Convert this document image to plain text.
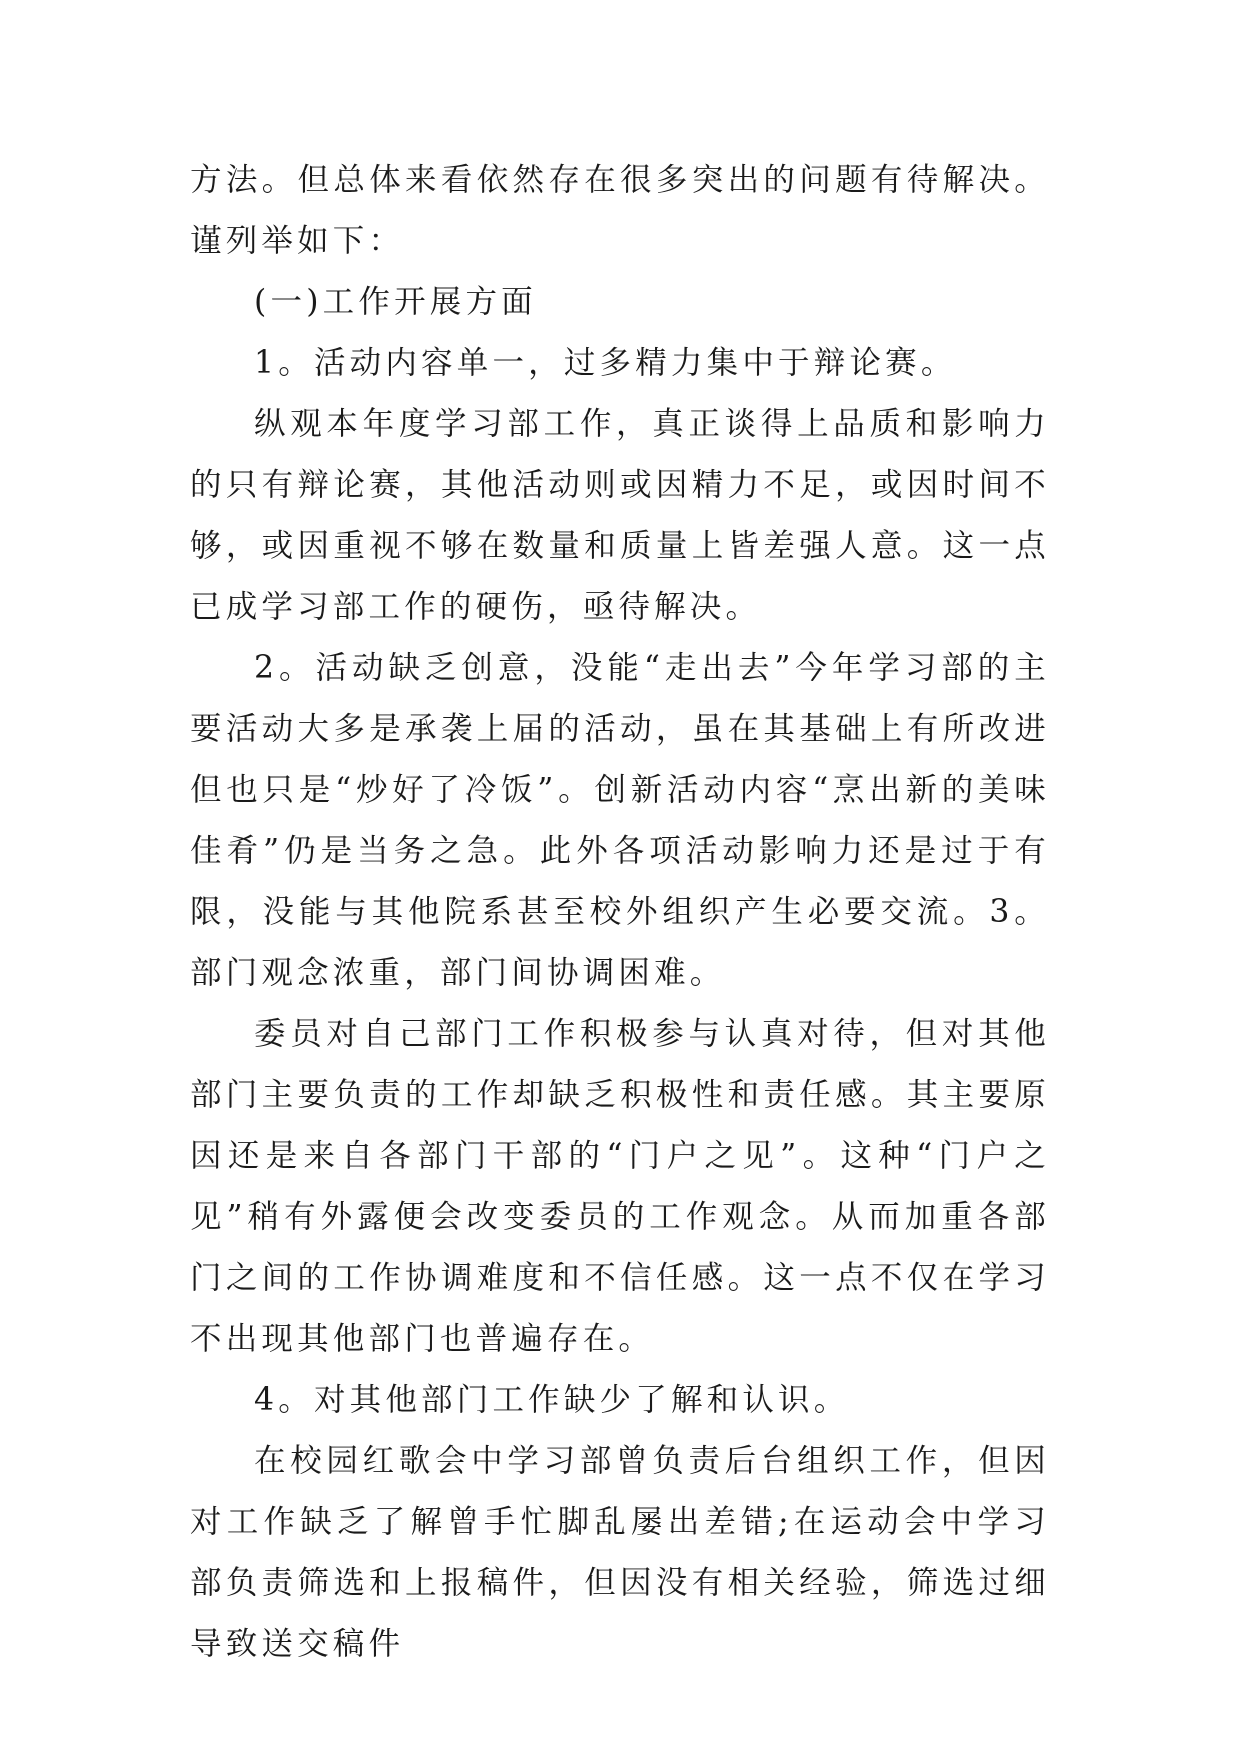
方法。但总体来看依然存在很多突出的问题有待解决。谨列举如下：

(一)工作开展方面

1。活动内容单一，过多精力集中于辩论赛。

纵观本年度学习部工作，真正谈得上品质和影响力的只有辩论赛，其他活动则或因精力不足，或因时间不够，或因重视不够在数量和质量上皆差强人意。这一点已成学习部工作的硬伤，亟待解决。

2。活动缺乏创意，没能“走出去”今年学习部的主要活动大多是承袭上届的活动，虽在其基础上有所改进但也只是“炒好了冷饭”。创新活动内容“烹出新的美味佳肴”仍是当务之急。此外各项活动影响力还是过于有限，没能与其他院系甚至校外组织产生必要交流。3。部门观念浓重，部门间协调困难。

委员对自己部门工作积极参与认真对待，但对其他部门主要负责的工作却缺乏积极性和责任感。其主要原因还是来自各部门干部的“门户之见”。这种“门户之见”稍有外露便会改变委员的工作观念。从而加重各部门之间的工作协调难度和不信任感。这一点不仅在学习不出现其他部门也普遍存在。

4。对其他部门工作缺少了解和认识。

在校园红歌会中学习部曾负责后台组织工作，但因对工作缺乏了解曾手忙脚乱屡出差错;在运动会中学习部负责筛选和上报稿件，但因没有相关经验，筛选过细导致送交稿件
